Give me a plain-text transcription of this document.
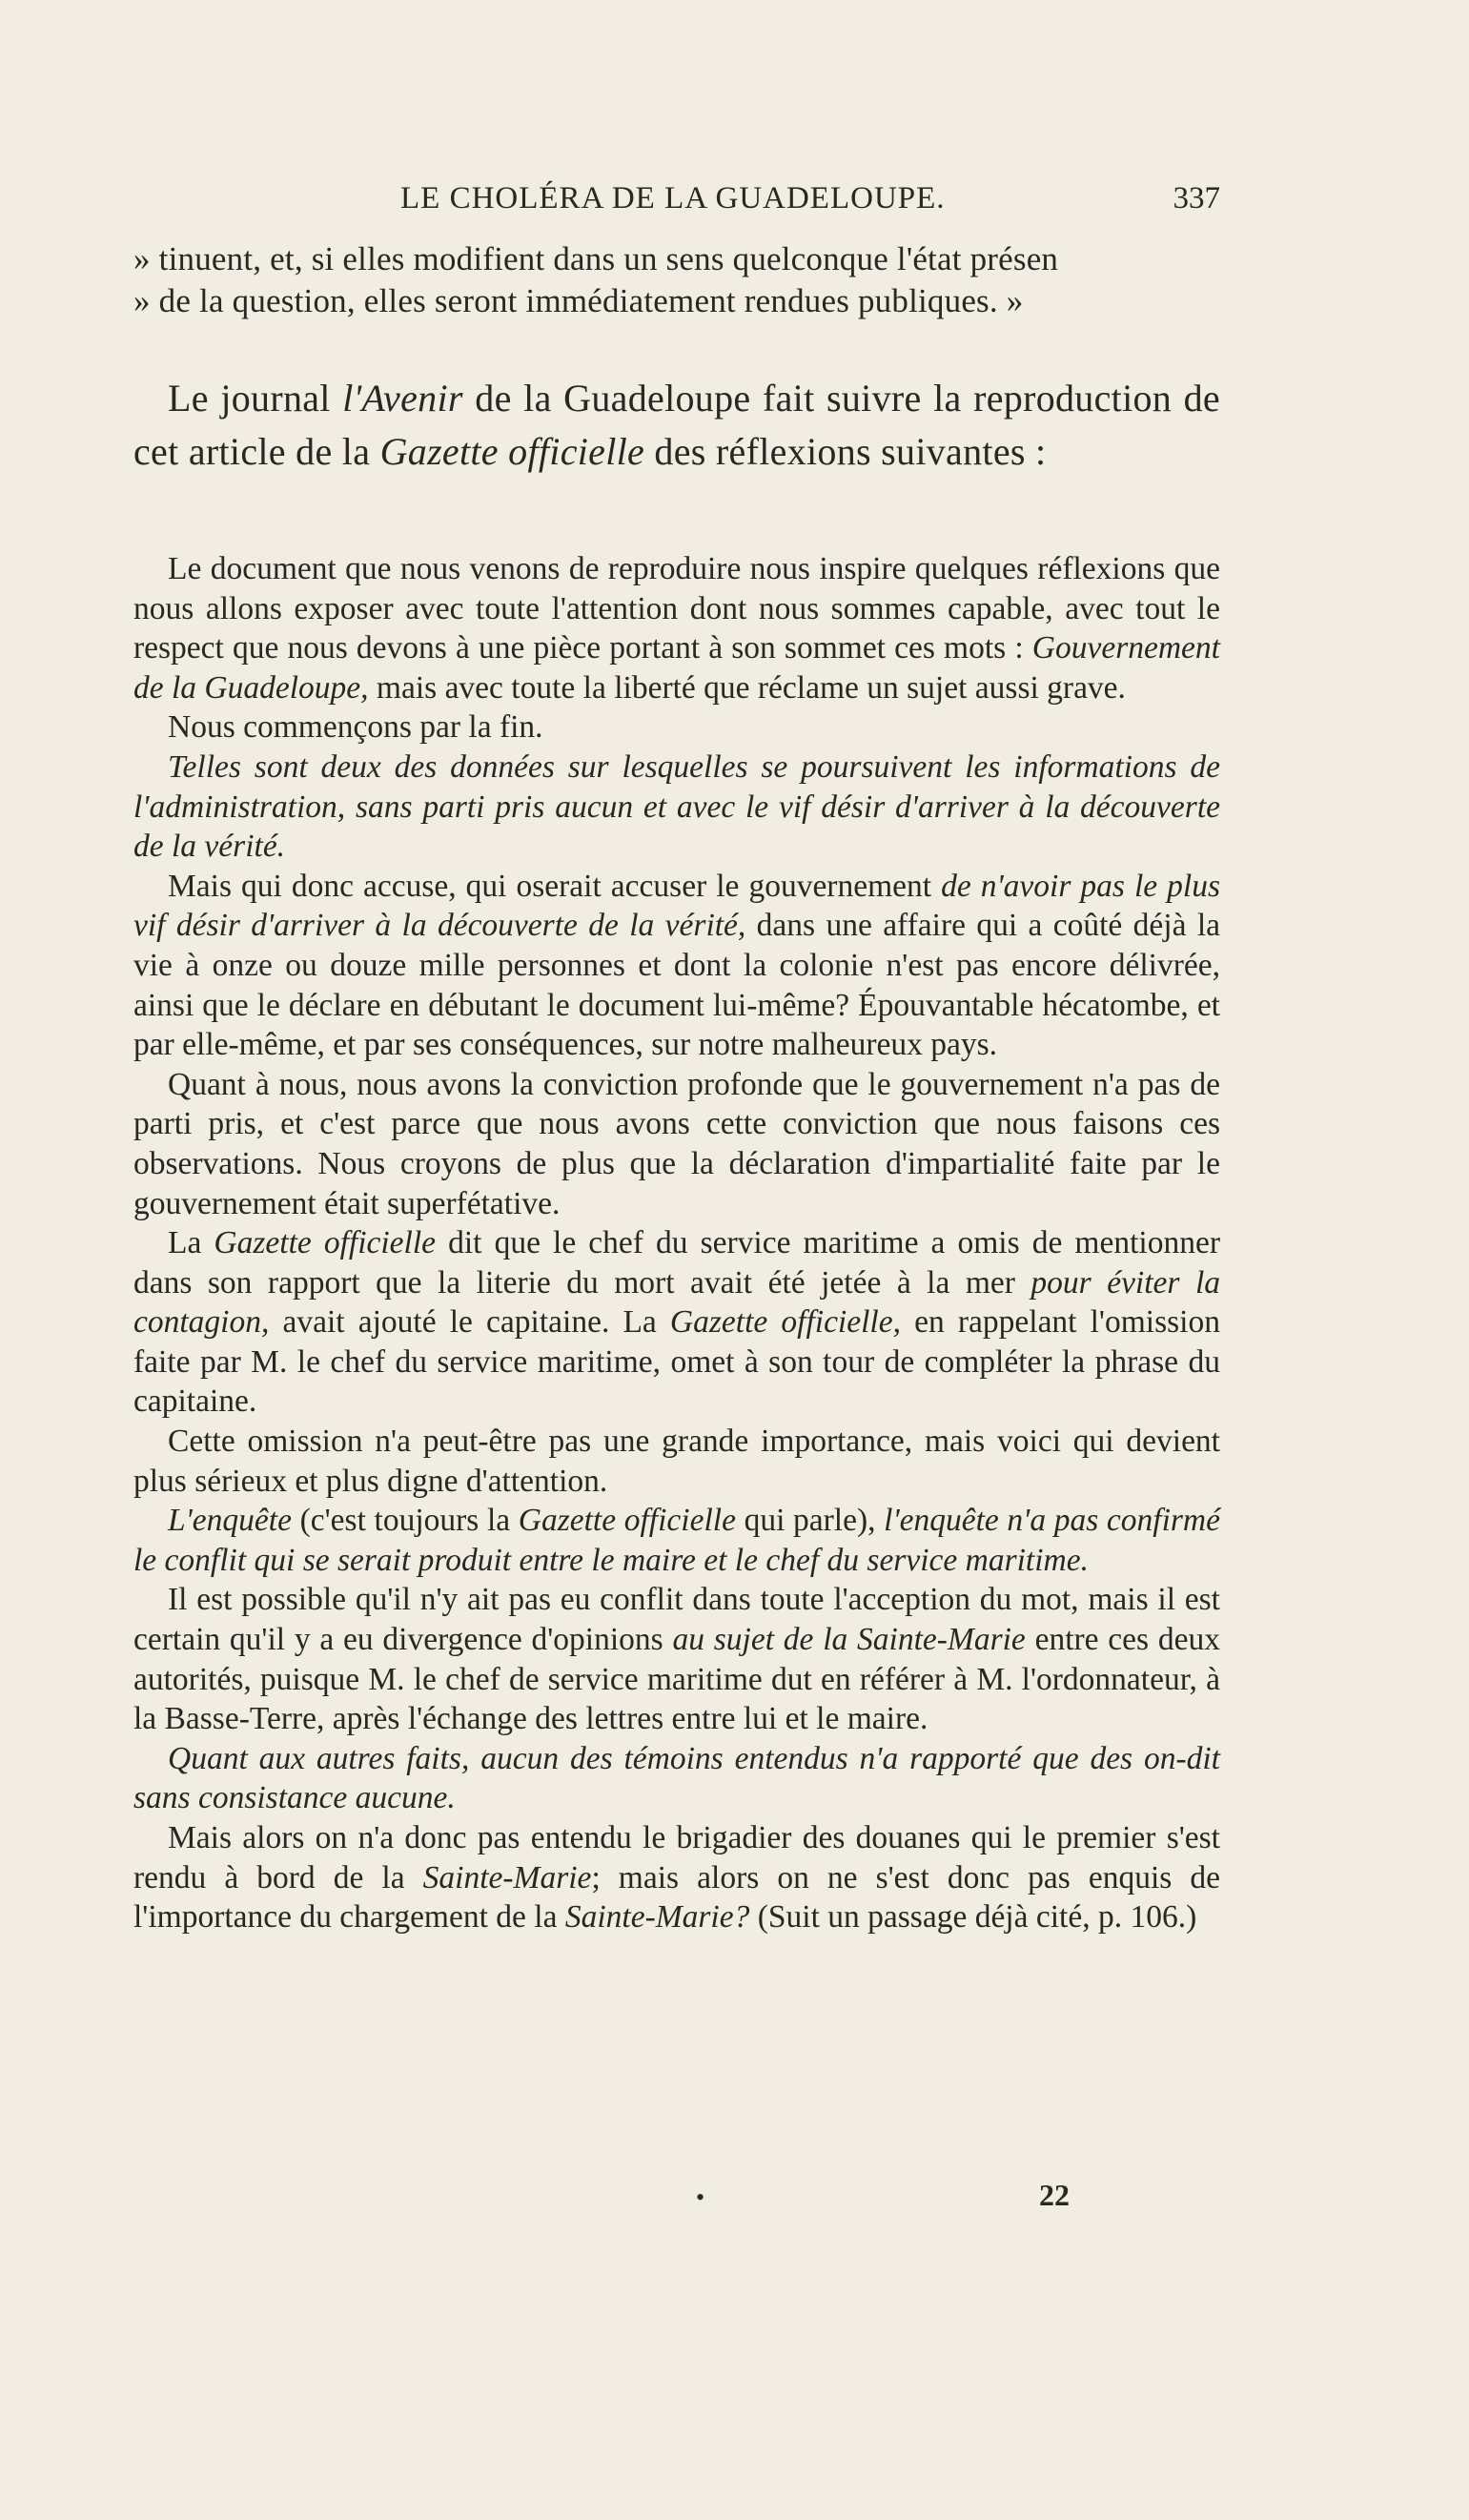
LE CHOLÉRA DE LA GUADELOUPE.	337
» tinuent, et, si elles modifient dans un sens quelconque l'état présen
» de la question, elles seront immédiatement rendues publiques. »

Le journal l'Avenir de la Guadeloupe fait suivre la reproduction de cet article de la Gazette officielle des réflexions suivantes :

Le document que nous venons de reproduire nous inspire quelques réflexions que nous allons exposer avec toute l'attention dont nous sommes capable, avec tout le respect que nous devons à une pièce portant à son sommet ces mots : Gouvernement de la Guadeloupe, mais avec toute la liberté que réclame un sujet aussi grave.

Nous commençons par la fin.

Telles sont deux des données sur lesquelles se poursuivent les informations de l'administration, sans parti pris aucun et avec le vif désir d'arriver à la découverte de la vérité.

Mais qui donc accuse, qui oserait accuser le gouvernement de n'avoir pas le plus vif désir d'arriver à la découverte de la vérité, dans une affaire qui a coûté déjà la vie à onze ou douze mille personnes et dont la colonie n'est pas encore délivrée, ainsi que le déclare en débutant le document lui-même? Épouvantable hécatombe, et par elle-même, et par ses conséquences, sur notre malheureux pays.

Quant à nous, nous avons la conviction profonde que le gouvernement n'a pas de parti pris, et c'est parce que nous avons cette conviction que nous faisons ces observations. Nous croyons de plus que la déclaration d'impartialité faite par le gouvernement était superfétative.

La Gazette officielle dit que le chef du service maritime a omis de mentionner dans son rapport que la literie du mort avait été jetée à la mer pour éviter la contagion, avait ajouté le capitaine. La Gazette officielle, en rappelant l'omission faite par M. le chef du service maritime, omet à son tour de compléter la phrase du capitaine.

Cette omission n'a peut-être pas une grande importance, mais voici qui devient plus sérieux et plus digne d'attention.

L'enquête (c'est toujours la Gazette officielle qui parle), l'enquête n'a pas confirmé le conflit qui se serait produit entre le maire et le chef du service maritime.

Il est possible qu'il n'y ait pas eu conflit dans toute l'acception du mot, mais il est certain qu'il y a eu divergence d'opinions au sujet de la Sainte-Marie entre ces deux autorités, puisque M. le chef de service maritime dut en référer à M. l'ordonnateur, à la Basse-Terre, après l'échange des lettres entre lui et le maire.

Quant aux autres faits, aucun des témoins entendus n'a rapporté que des on-dit sans consistance aucune.

Mais alors on n'a donc pas entendu le brigadier des douanes qui le premier s'est rendu à bord de la Sainte-Marie; mais alors on ne s'est donc pas enquis de l'importance du chargement de la Sainte-Marie? (Suit un passage déjà cité, p. 106.)

•	22
